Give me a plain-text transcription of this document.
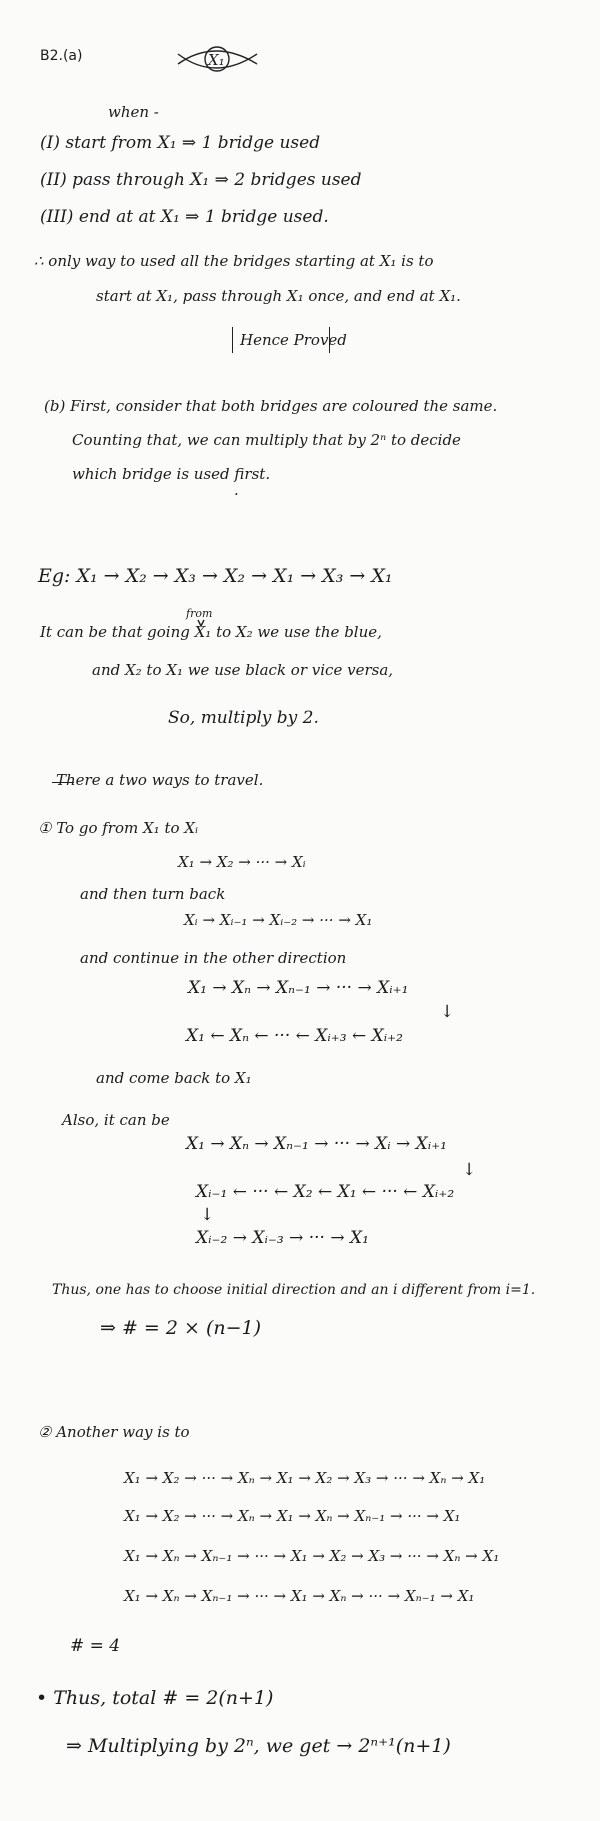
B2.(a)	X₁
when -
(I) start from X₁ ⇒ 1 bridge used
(II) pass through X₁ ⇒ 2 bridges used
(III) end at at X₁ ⇒ 1 bridge used.
∴ only way to used all the bridges starting at X₁ is to
start at X₁, pass through X₁ once, and end at X₁.
Hence Proved
(b) First, consider that both bridges are coloured the same.
Counting that, we can multiply that by 2ⁿ to decide
which bridge is used first.
·
Eg: X₁ → X₂ → X₃ → X₂ → X₁ → X₃ → X₁
from
It can be that going X₁ to X₂ we use the blue,
and X₂ to X₁ we use black or vice versa,
So, multiply by 2.
There a two ways to travel.
① To go from X₁ to Xᵢ
X₁ → X₂ → ··· → Xᵢ
and then turn back
Xᵢ → Xᵢ₋₁ → Xᵢ₋₂ → ··· → X₁
and continue in the other direction
X₁ → Xₙ → Xₙ₋₁ → ··· → Xᵢ₊₁
↓
X₁ ← Xₙ ← ··· ← Xᵢ₊₃ ← Xᵢ₊₂
and come back to X₁
Also, it can be
X₁ → Xₙ → Xₙ₋₁ → ··· → Xᵢ → Xᵢ₊₁
↓
Xᵢ₋₁ ← ··· ← X₂ ← X₁ ← ··· ← Xᵢ₊₂
↓
Xᵢ₋₂ → Xᵢ₋₃ → ··· → X₁
Thus, one has to choose initial direction and an i different from i=1.
⇒ # = 2 × (n−1)
② Another way is to
X₁ → X₂ → ··· → Xₙ → X₁ → X₂ → X₃ → ··· → Xₙ → X₁
X₁ → X₂ → ··· → Xₙ → X₁ → Xₙ → Xₙ₋₁ → ··· → X₁
X₁ → Xₙ → Xₙ₋₁ → ··· → X₁ → X₂ → X₃ → ··· → Xₙ → X₁
X₁ → Xₙ → Xₙ₋₁ → ··· → X₁ → Xₙ → ··· → Xₙ₋₁ → X₁
# = 4
• Thus, total # = 2(n+1)
⇒ Multiplying by 2ⁿ, we get → 2ⁿ⁺¹(n+1)
